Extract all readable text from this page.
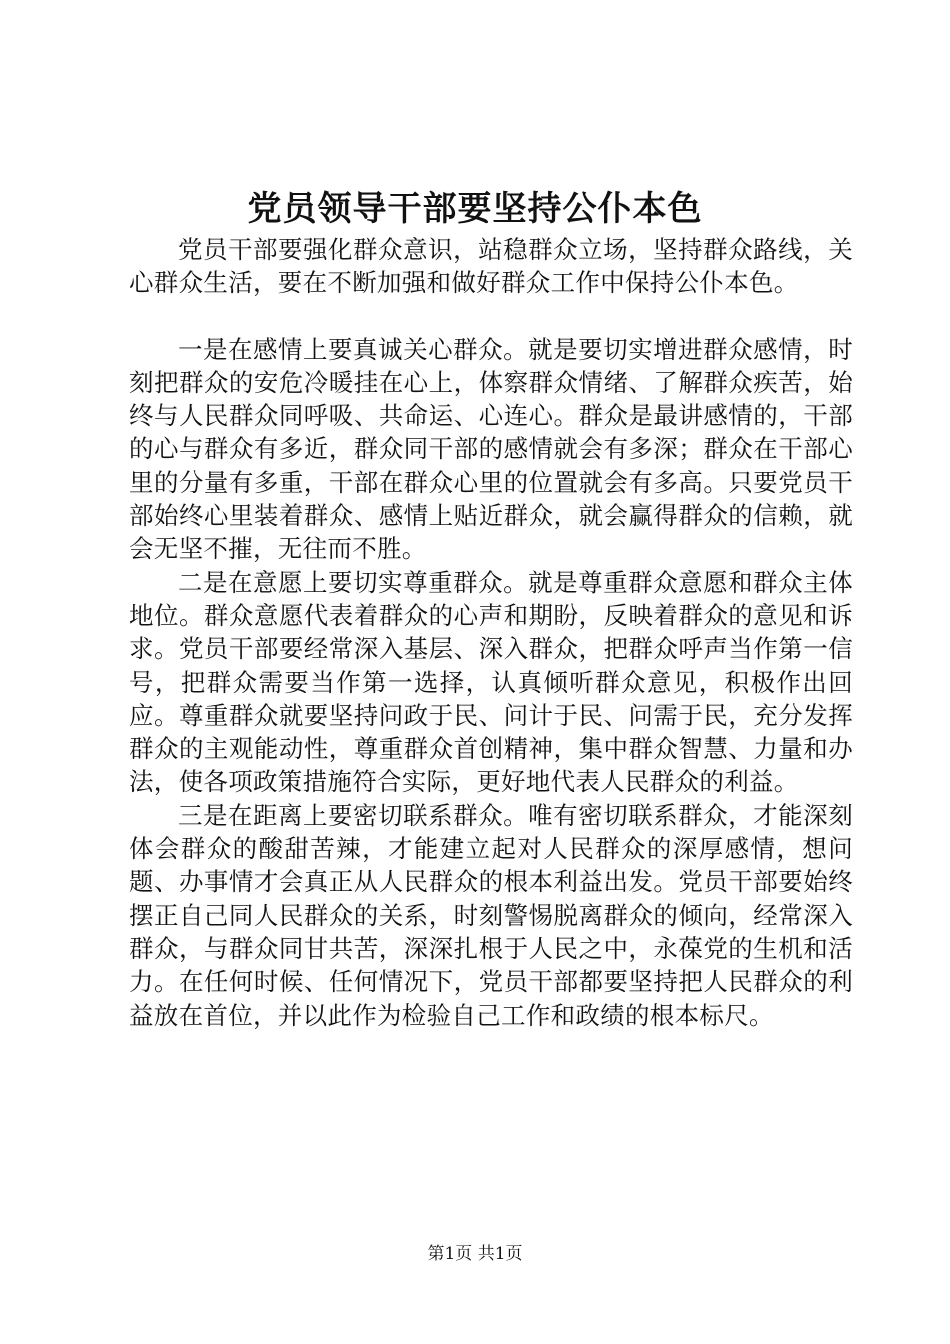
党员领导干部要坚持公仆本色

党员干部要强化群众意识，站稳群众立场，坚持群众路线，关心群众生活，要在不断加强和做好群众工作中保持公仆本色。

一是在感情上要真诚关心群众。就是要切实增进群众感情，时刻把群众的安危冷暖挂在心上，体察群众情绪、了解群众疾苦，始终与人民群众同呼吸、共命运、心连心。群众是最讲感情的，干部的心与群众有多近，群众同干部的感情就会有多深；群众在干部心里的分量有多重，干部在群众心里的位置就会有多高。只要党员干部始终心里装着群众、感情上贴近群众，就会赢得群众的信赖，就会无坚不摧，无往而不胜。

二是在意愿上要切实尊重群众。就是尊重群众意愿和群众主体地位。群众意愿代表着群众的心声和期盼，反映着群众的意见和诉求。党员干部要经常深入基层、深入群众，把群众呼声当作第一信号，把群众需要当作第一选择，认真倾听群众意见，积极作出回应。尊重群众就要坚持问政于民、问计于民、问需于民，充分发挥群众的主观能动性，尊重群众首创精神，集中群众智慧、力量和办法，使各项政策措施符合实际，更好地代表人民群众的利益。

三是在距离上要密切联系群众。唯有密切联系群众，才能深刻体会群众的酸甜苦辣，才能建立起对人民群众的深厚感情，想问题、办事情才会真正从人民群众的根本利益出发。党员干部要始终摆正自己同人民群众的关系，时刻警惕脱离群众的倾向，经常深入群众，与群众同甘共苦，深深扎根于人民之中，永葆党的生机和活力。在任何时候、任何情况下，党员干部都要坚持把人民群众的利益放在首位，并以此作为检验自己工作和政绩的根本标尺。

第1页 共1页
